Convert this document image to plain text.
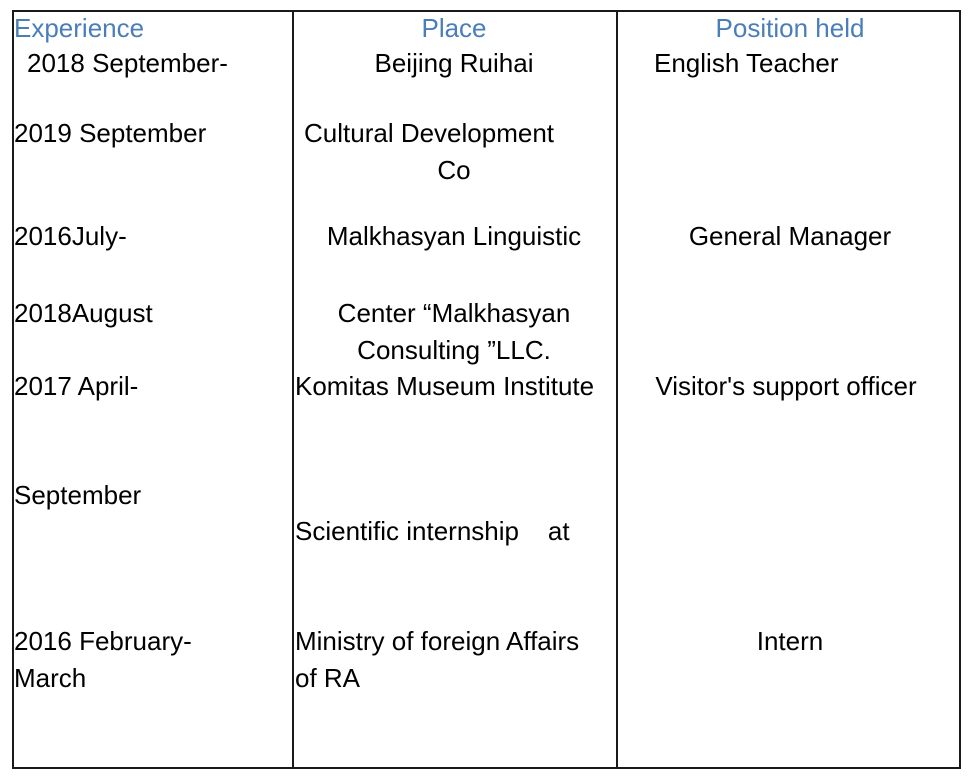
Experience	Place	Position held
2018 September-
2019 September
Beijing Ruihai
Cultural Development
Co
English Teacher
2016July-
2018August
Malkhasyan Linguistic
Center “Malkhasyan
Consulting ”LLC.
General Manager
2017 April-
September
Komitas Museum Institute
Scientific internship    at
Visitor's support officer
2016 February-
March
Ministry of foreign Affairs
of RA
Intern
